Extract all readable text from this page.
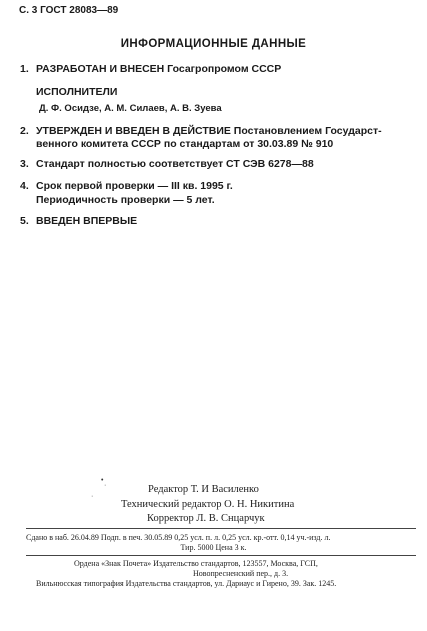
С. 3 ГОСТ 28083—89
ИНФОРМАЦИОННЫЕ ДАННЫЕ
1. РАЗРАБОТАН И ВНЕСЕН Госагропромом СССР
ИСПОЛНИТЕЛИ
Д. Ф. Осидзе, А. М. Силаев, А. В. Зуева
2. УТВЕРЖДЕН И ВВЕДЕН В ДЕЙСТВИЕ Постановлением Государст-
венного комитета СССР по стандартам от 30.03.89 № 910
3. Стандарт полностью соответствует СТ СЭВ 6278—88
4. Срок первой проверки — III кв. 1995 г.
Периодичность проверки — 5 лет.
5. ВВЕДЕН ВПЕРВЫЕ
•
·
·
Редактор Т. И Василенко
Технический редактор О. Н. Никитина
Корректор Л. В. Снцарчук
Сдано в наб. 26.04.89 Подп. в печ. 30.05.89 0,25 усл. п. л. 0,25 усл. кр.-отт. 0,14 уч.-изд. л.
Тир. 5000 Цена 3 к.
Ордена «Знак Почета» Издательство стандартов, 123557, Москва, ГСП,
Новопресненский пер., д. 3.
Вильнюсская типография Издательства стандартов, ул. Дариаус и Гирено, 39. Зак. 1245.
